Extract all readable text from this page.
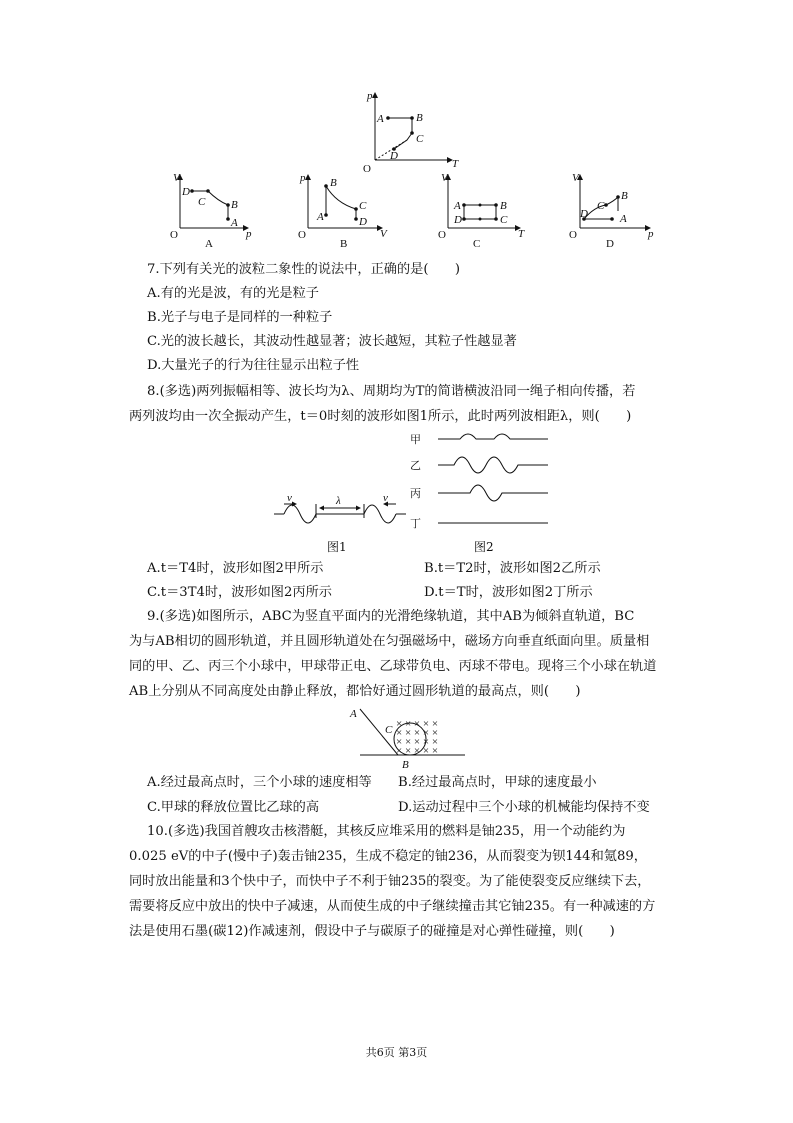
p
T
O
A	B
C
D
V
p
O
D
C B
A
A
p
V
O
B
C
A	D
B
V
T
O
A	B
D	C
C
V
p
O
B
C
D	A
D
7.下列有关光的波粒二象性的说法中，正确的是(　　)
A.有的光是波，有的光是粒子
B.光子与电子是同样的一种粒子
C.光的波长越长，其波动性越显著；波长越短，其粒子性越显著
D.大量光子的行为往往显示出粒子性
8.(多选)两列振幅相等、波长均为λ、周期均为T的简谐横波沿同一绳子相向传播，若
两列波均由一次全振动产生，t＝0时刻的波形如图1所示，此时两列波相距λ，则(　　)
v	v
λ
图1
甲
乙
丙
丁
图2
A.t＝T4时，波形如图2甲所示	B.t＝T2时，波形如图2乙所示
C.t＝3T4时，波形如图2丙所示	D.t＝T时，波形如图2丁所示
9.(多选)如图所示，ABC为竖直平面内的光滑绝缘轨道，其中AB为倾斜直轨道，BC
为与AB相切的圆形轨道，并且圆形轨道处在匀强磁场中，磁场方向垂直纸面向里。质量相
同的甲、乙、丙三个小球中，甲球带正电、乙球带负电、丙球不带电。现将三个小球在轨道
AB上分别从不同高度处由静止释放，都恰好通过圆形轨道的最高点，则(　　)
× × × × ×
× × × × ×
× × × × ×
× × × × ×
A
C
B
A.经过最高点时，三个小球的速度相等 B.经过最高点时，甲球的速度最小
C.甲球的释放位置比乙球的高	D.运动过程中三个小球的机械能均保持不变
10.(多选)我国首艘攻击核潜艇，其核反应堆采用的燃料是铀235，用一个动能约为
0.025 eV的中子(慢中子)轰击铀235，生成不稳定的铀236，从而裂变为钡144和氪89，
同时放出能量和3个快中子，而快中子不利于铀235的裂变。为了能使裂变反应继续下去，
需要将反应中放出的快中子减速，从而使生成的中子继续撞击其它铀235。有一种减速的方
法是使用石墨(碳12)作减速剂，假设中子与碳原子的碰撞是对心弹性碰撞，则(　　)
共6页 第3页
